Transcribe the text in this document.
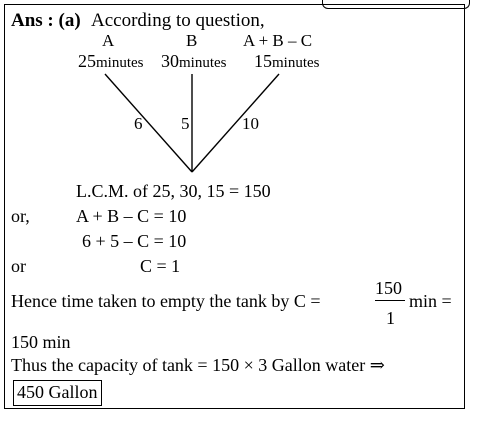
Ans : (a) According to question,
A	B	A + B – C
25minutes 30minutes 15minutes
6 5	10
L.C.M. of 25, 30, 15 = 150
or,	A + B – C = 10
6 + 5 – C = 10
or	C = 1
Hence time taken to empty the tank by C =
150
1
min =
150 min
Thus the capacity of tank = 150 × 3 Gallon water ⇒
450 Gallon
